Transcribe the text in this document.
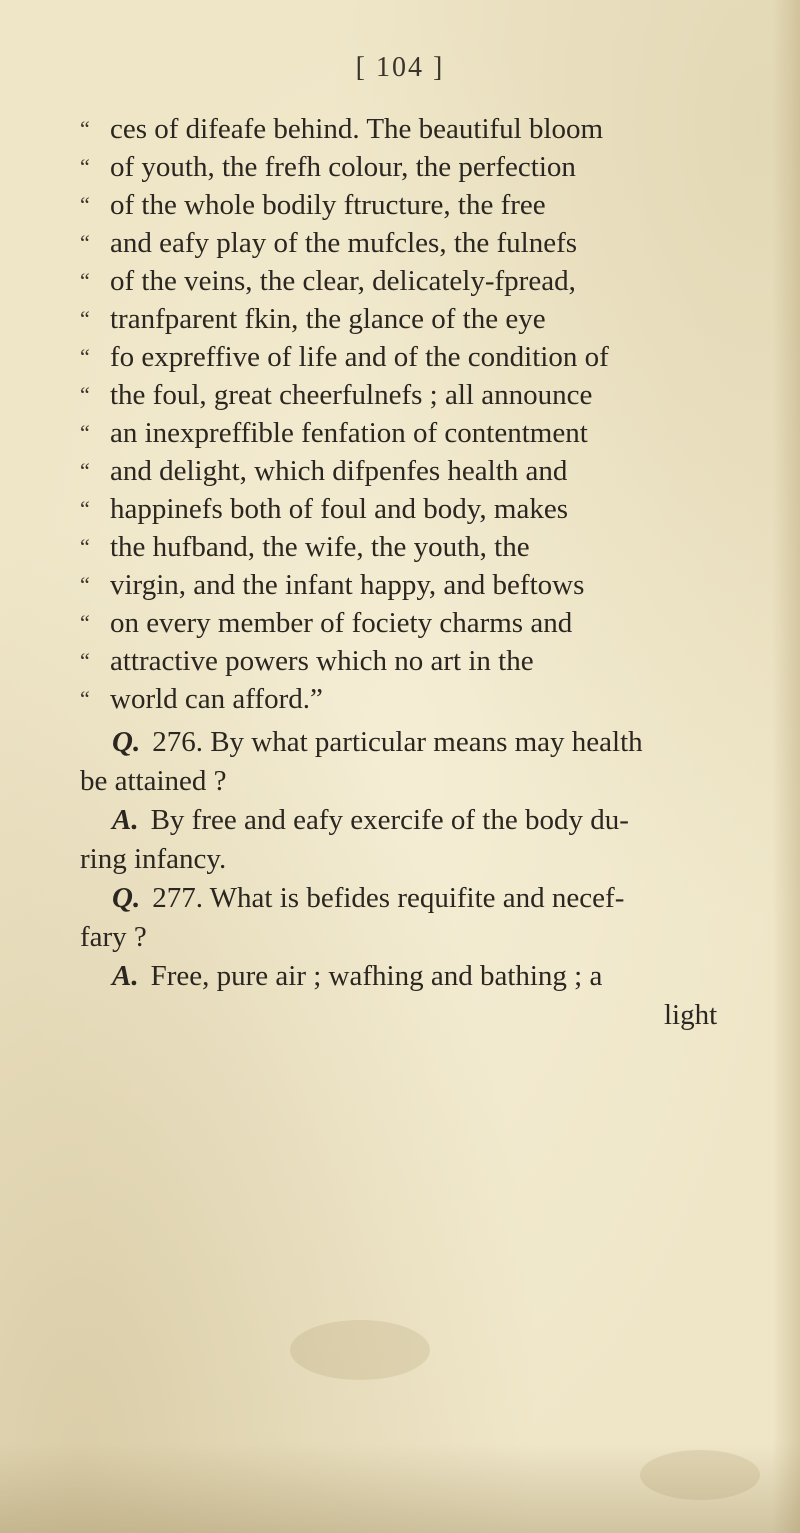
[ 104 ]
“ ces of difeafe behind. The beautiful bloom
“ of youth, the frefh colour, the perfection
“ of the whole bodily ftructure, the free
“ and eafy play of the mufcles, the fulnefs
“ of the veins, the clear, delicately-fpread,
“ tranfparent fkin, the glance of the eye
“ fo expreffive of life and of the condition of
“ the foul, great cheerfulnefs ; all announce
“ an inexpreffible fenfation of contentment
“ and delight, which difpenfes health and
“ happinefs both of foul and body, makes
“ the hufband, the wife, the youth, the
“ virgin, and the infant happy, and beftows
“ on every member of fociety charms and
“ attractive powers which no art in the
“ world can afford.”
Q. 276. By what particular means may health
be attained ?
A. By free and eafy exercife of the body du-
ring infancy.
Q. 277. What is befides requifite and necef-
fary ?
A. Free, pure air ; wafhing and bathing ; a
light
